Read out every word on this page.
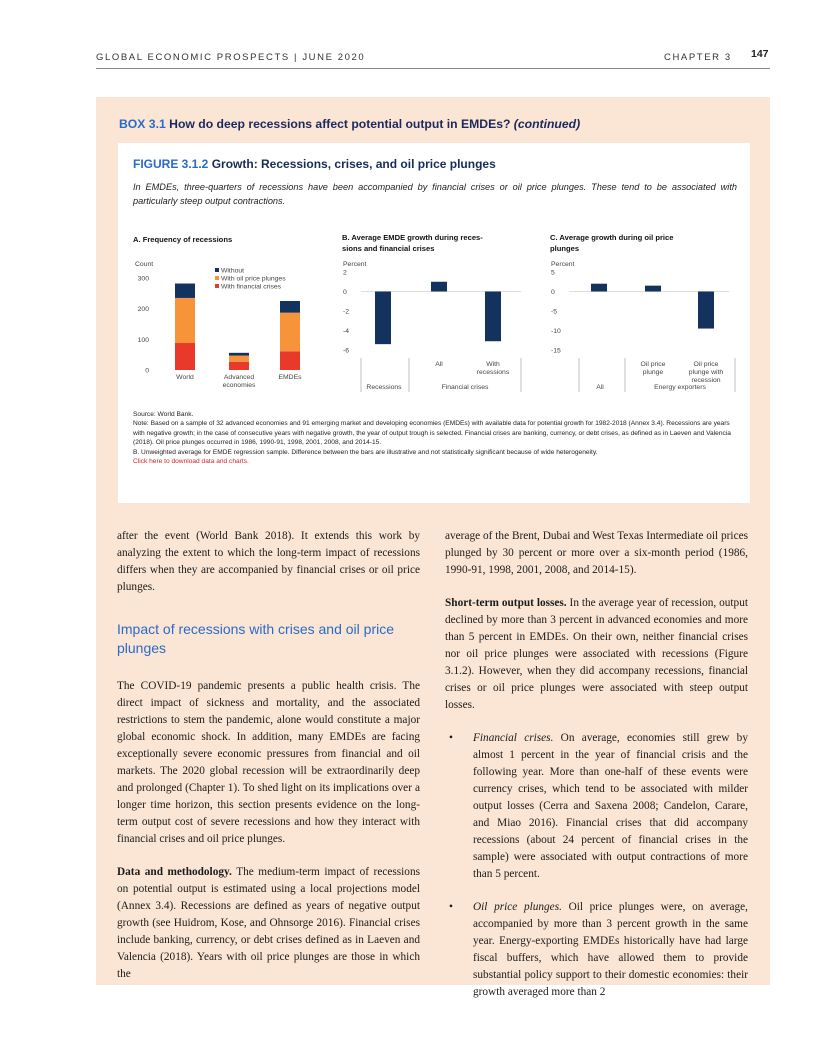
GLOBAL ECONOMIC PROSPECTS | JUNE 2020	CHAPTER 3 147
BOX 3.1 How do deep recessions affect potential output in EMDEs? (continued)
FIGURE 3.1.2 Growth: Recessions, crises, and oil price plunges
In EMDEs, three-quarters of recessions have been accompanied by financial crises or oil price plunges. These tend to be associated with particularly steep output contractions.
A. Frequency of recessions	B. Average EMDE growth during reces-
sions and financial crises
C. Average growth during oil price
plunges
Count
0
100
200
300
World	Advanced
economies
EMDEs
Without
With oil price plunges
With financial crises
Percent
2
0
-2
-4
-6
All	With
recessions
Recessions	Financial crises
Percent
5
0
-5
-10
-15
Oil price
plunge
Oil price
plunge with
recession
All	Energy exporters

Source: World Bank.

Note: Based on a sample of 32 advanced economies and 91 emerging market and developing economies (EMDEs) with available data for potential growth for 1982-2018 (Annex 3.4). Recessions are years with negative growth; in the case of consecutive years with negative growth, the year of output trough is selected. Financial crises are banking, currency, or debt crises, as defined as in Laeven and Valencia (2018). Oil price plunges occurred in 1986, 1990-91, 1998, 2001, 2008, and 2014-15.

B. Unweighted average for EMDE regression sample. Difference between the bars are illustrative and not statistically significant because of wide heterogeneity.

Click here to download data and charts.

after the event (World Bank 2018). It extends this work by analyzing the extent to which the long-term impact of recessions differs when they are accompanied by financial crises or oil price plunges.

Impact of recessions with crises and oil price plunges

The COVID-19 pandemic presents a public health crisis. The direct impact of sickness and mortality, and the associated restrictions to stem the pandemic, alone would constitute a major global economic shock. In addition, many EMDEs are facing exceptionally severe economic pressures from financial and oil markets. The 2020 global recession will be extraordinarily deep and prolonged (Chapter 1). To shed light on its implications over a longer time horizon, this section presents evidence on the long-term output cost of severe recessions and how they interact with financial crises and oil price plunges.

Data and methodology. The medium-term impact of recessions on potential output is estimated using a local projections model (Annex 3.4). Recessions are defined as years of negative output growth (see Huidrom, Kose, and Ohnsorge 2016). Financial crises include banking, currency, or debt crises defined as in Laeven and Valencia (2018). Years with oil price plunges are those in which the

average of the Brent, Dubai and West Texas Intermediate oil prices plunged by 30 percent or more over a six-month period (1986, 1990-91, 1998, 2001, 2008, and 2014-15).

Short-term output losses. In the average year of recession, output declined by more than 3 percent in advanced economies and more than 5 percent in EMDEs. On their own, neither financial crises nor oil price plunges were associated with recessions (Figure 3.1.2). However, when they did accompany recessions, financial crises or oil price plunges were associated with steep output losses.

• Financial crises. On average, economies still grew by almost 1 percent in the year of financial crisis and the following year. More than one-half of these events were currency crises, which tend to be associated with milder output losses (Cerra and Saxena 2008; Candelon, Carare, and Miao 2016). Financial crises that did accompany recessions (about 24 percent of financial crises in the sample) were associated with output contractions of more than 5 percent.
• Oil price plunges. Oil price plunges were, on average, accompanied by more than 3 percent growth in the same year. Energy-exporting EMDEs historically have had large fiscal buffers, which have allowed them to provide substantial policy support to their domestic economies: their growth averaged more than 2
